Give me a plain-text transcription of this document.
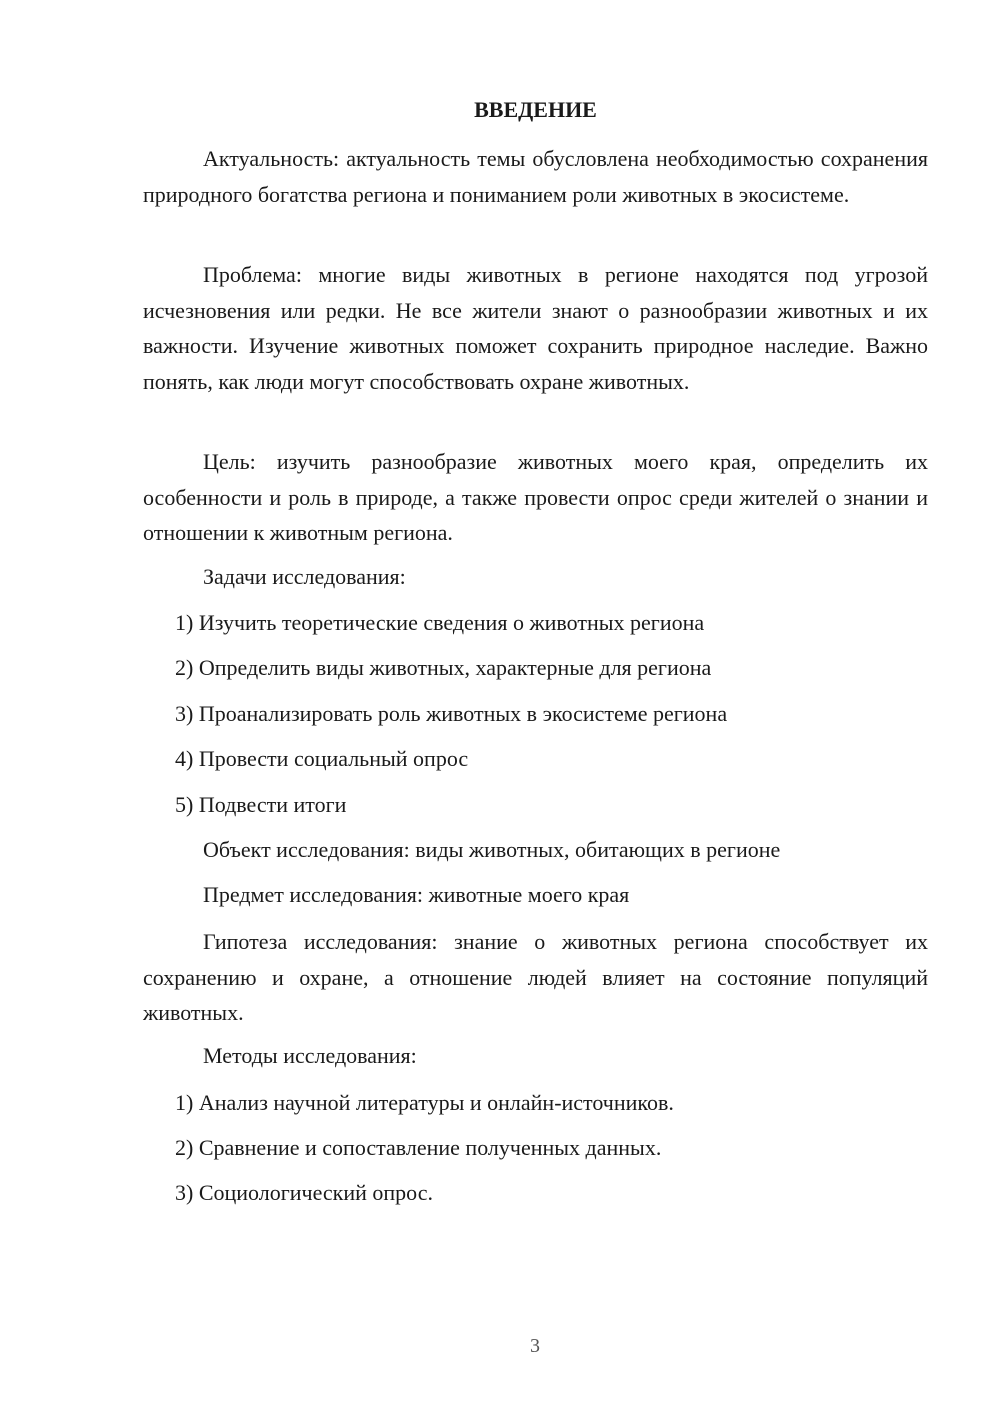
ВВЕДЕНИЕ

Актуальность: актуальность темы обусловлена необходимостью сохранения природного богатства региона и пониманием роли животных в экосистеме.

Проблема: многие виды животных в регионе находятся под угрозой исчезновения или редки. Не все жители знают о разнообразии животных и их важности. Изучение животных поможет сохранить природное наследие. Важно понять, как люди могут способствовать охране животных.

Цель: изучить разнообразие животных моего края, определить их особенности и роль в природе, а также провести опрос среди жителей о знании и отношении к животным региона.

Задачи исследования:

1) Изучить теоретические сведения о животных региона

2) Определить виды животных, характерные для региона

3) Проанализировать роль животных в экосистеме региона

4) Провести социальный опрос

5) Подвести итоги

Объект исследования: виды животных, обитающих в регионе

Предмет исследования: животные моего края

Гипотеза исследования: знание о животных региона способствует их сохранению и охране, а отношение людей влияет на состояние популяций животных.

Методы исследования:

1) Анализ научной литературы и онлайн-источников.

2) Сравнение и сопоставление полученных данных.

3) Социологический опрос.

3
